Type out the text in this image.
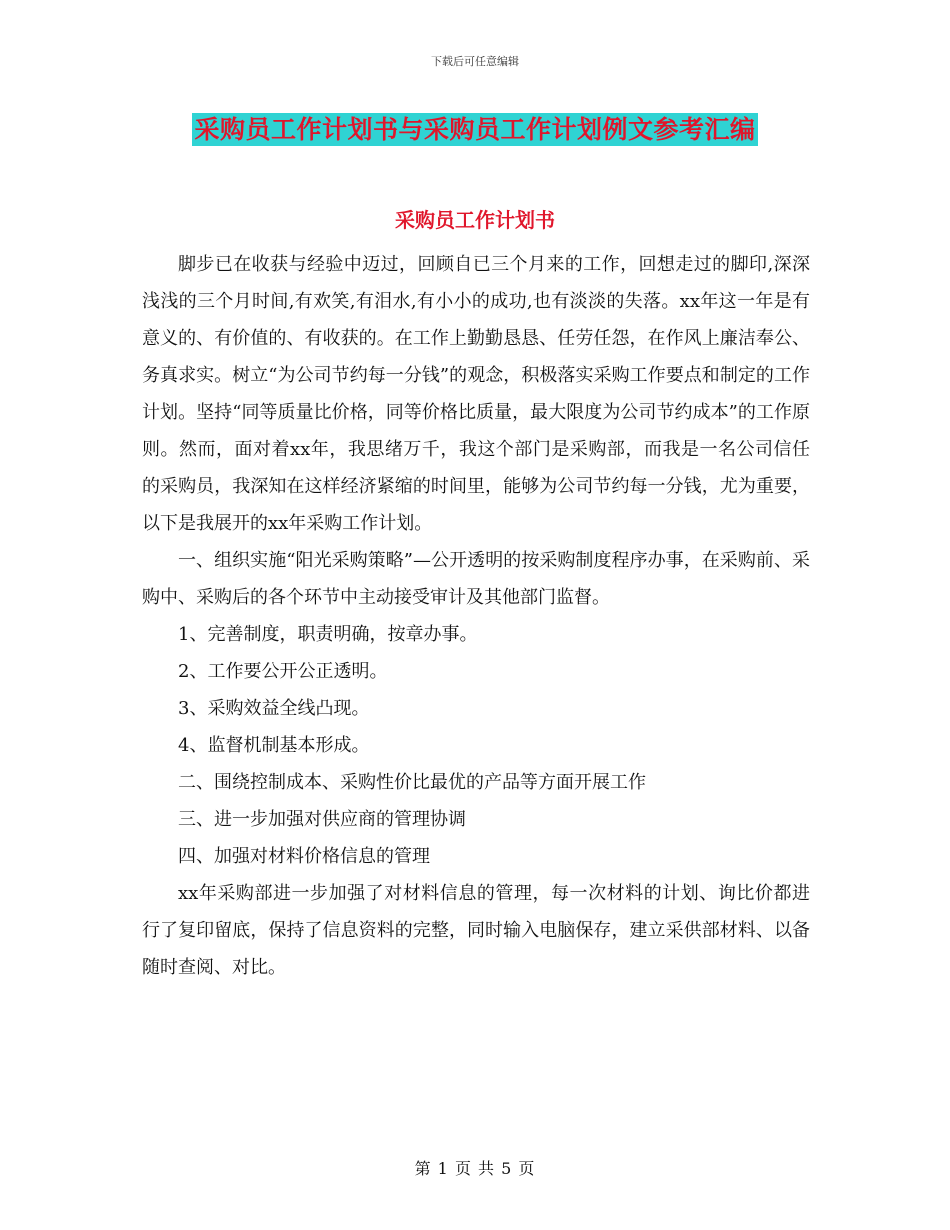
下载后可任意编辑
采购员工作计划书与采购员工作计划例文参考汇编
采购员工作计划书

脚步已在收获与经验中迈过，回顾自已三个月来的工作，回想走过的脚印,深深浅浅的三个月时间,有欢笑,有泪水,有小小的成功,也有淡淡的失落。xx年这一年是有意义的、有价值的、有收获的。在工作上勤勤恳恳、任劳任怨，在作风上廉洁奉公、务真求实。树立“为公司节约每一分钱”的观念，积极落实采购工作要点和制定的工作计划。坚持“同等质量比价格，同等价格比质量，最大限度为公司节约成本”的工作原则。然而，面对着xx年，我思绪万千，我这个部门是采购部，而我是一名公司信任的采购员，我深知在这样经济紧缩的时间里，能够为公司节约每一分钱，尤为重要，以下是我展开的xx年采购工作计划。

一、组织实施“阳光采购策略”—公开透明的按采购制度程序办事，在采购前、采购中、采购后的各个环节中主动接受审计及其他部门监督。

1、完善制度，职责明确，按章办事。

2、工作要公开公正透明。

3、采购效益全线凸现。

4、监督机制基本形成。

二、围绕控制成本、采购性价比最优的产品等方面开展工作

三、进一步加强对供应商的管理协调

四、加强对材料价格信息的管理

xx年采购部进一步加强了对材料信息的管理，每一次材料的计划、询比价都进行了复印留底，保持了信息资料的完整，同时输入电脑保存，建立采供部材料、以备随时查阅、对比。

第 1 页 共 5 页
